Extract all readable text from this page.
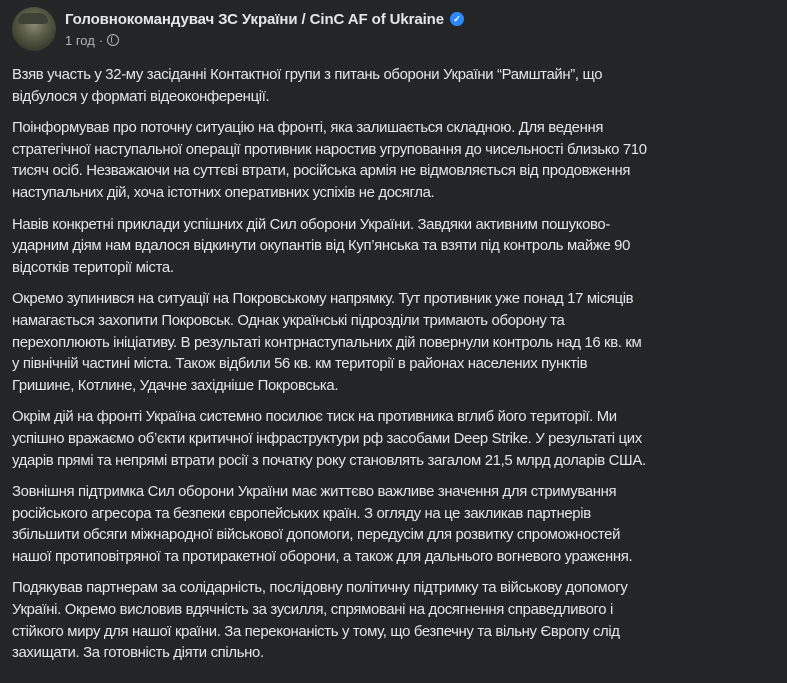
Головнокомандувач ЗС України / CinC AF of Ukraine	✓
1 год ·
Взяв участь у 32-му засіданні Контактної групи з питань оборони України “Рамштайн”, що
відбулося у форматі відеоконференції.
Поінформував про поточну ситуацію на фронті, яка залишається складною. Для ведення
стратегічної наступальної операції противник наростив угруповання до чисельності близько 710
тисяч осіб. Незважаючи на суттєві втрати, російська армія не відмовляється від продовження
наступальних дій, хоча істотних оперативних успіхів не досягла.
Навів конкретні приклади успішних дій Сил оборони України. Завдяки активним пошуково-
ударним діям нам вдалося відкинути окупантів від Куп’янська та взяти під контроль майже 90
відсотків території міста.
Окремо зупинився на ситуації на Покровському напрямку. Тут противник уже понад 17 місяців
намагається захопити Покровськ. Однак українські підрозділи тримають оборону та
перехоплюють ініціативу. В результаті контрнаступальних дій повернули контроль над 16 кв. км
у північній частині міста. Також відбили 56 кв. км території в районах населених пунктів
Гришине, Котлине, Удачне західніше Покровська.
Окрім дій на фронті Україна системно посилює тиск на противника вглиб його території. Ми
успішно вражаємо об’єкти критичної інфраструктури рф засобами Deep Strike. У результаті цих
ударів прямі та непрямі втрати росії з початку року становлять загалом 21,5 млрд доларів США.
Зовнішня підтримка Сил оборони України має життєво важливе значення для стримування
російського агресора та безпеки європейських країн. З огляду на це закликав партнерів
збільшити обсяги міжнародної військової допомоги, передусім для розвитку спроможностей
нашої протиповітряної та протиракетної оборони, а також для дальнього вогневого ураження.
Подякував партнерам за солідарність, послідовну політичну підтримку та військову допомогу
Україні. Окремо висловив вдячність за зусилля, спрямовані на досягнення справедливого і
стійкого миру для нашої країни. За переконаність у тому, що безпечну та вільну Європу слід
захищати. За готовність діяти спільно.
